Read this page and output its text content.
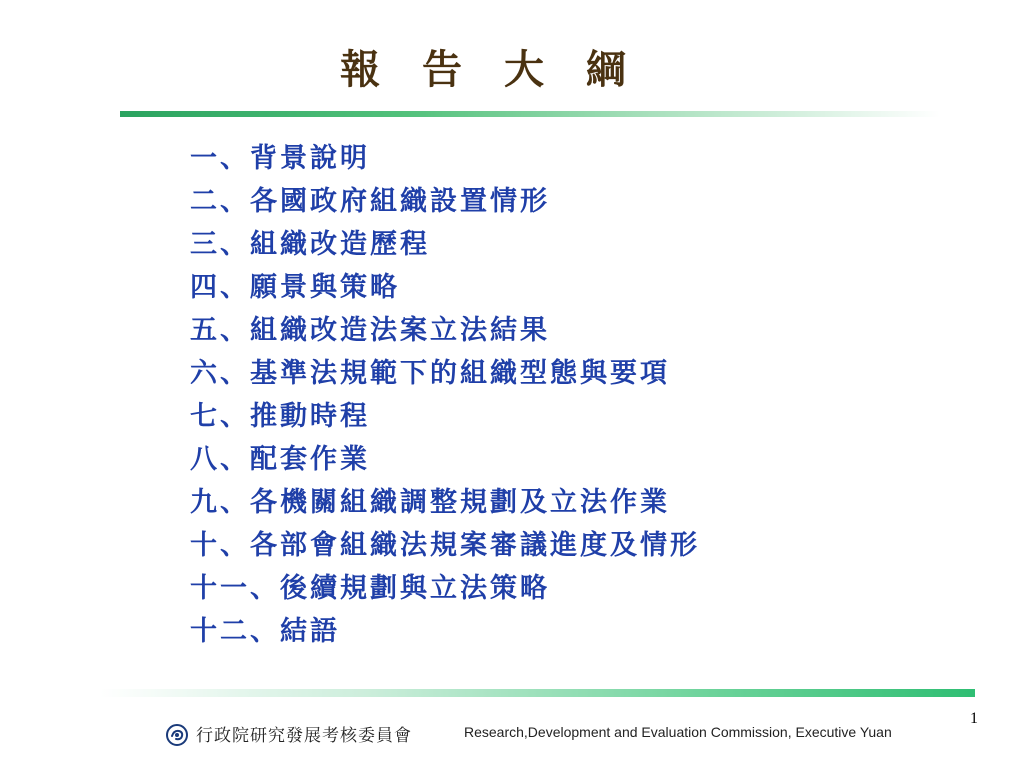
報 告 大 綱
一、背景說明
二、各國政府組織設置情形
三、組織改造歷程
四、願景與策略
五、組織改造法案立法結果
六、基準法規範下的組織型態與要項
七、推動時程
八、配套作業
九、各機關組織調整規劃及立法作業
十、各部會組織法規案審議進度及情形
十一、後續規劃與立法策略
十二、結語
1
行政院研究發展考核委員會	Research,Development and Evaluation Commission, Executive Yuan
